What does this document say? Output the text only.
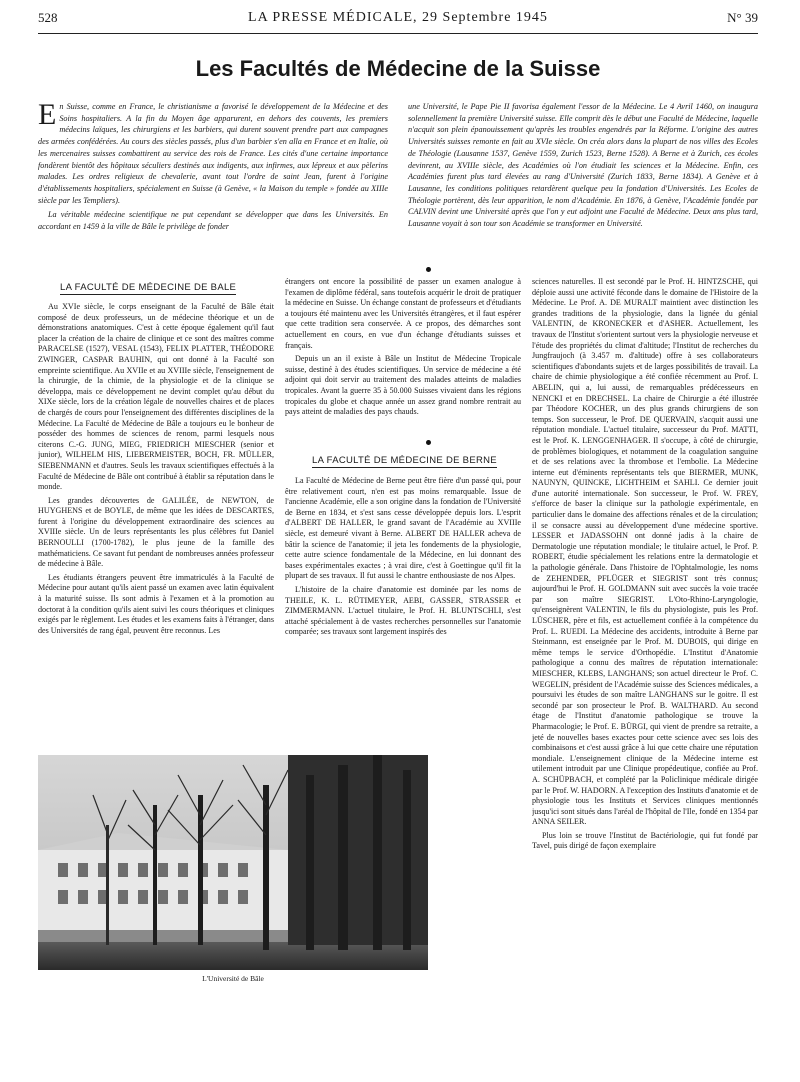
528	LA PRESSE MÉDICALE, 29 Septembre 1945	N° 39
Les Facultés de Médecine de la Suisse

En Suisse, comme en France, le christianisme a favorisé le développement de la Médecine et des Soins hospitaliers. A la fin du Moyen âge apparurent, en dehors des couvents, les premiers médecins laïques, les chirurgiens et les barbiers, qui durent souvent prendre part aux campagnes des armées confédérées. Au cours des siècles passés, plus d'un barbier s'en alla en France et en Italie, où les mercenaires suisses combattirent au service des rois de France. Les cités d'une certaine importance fondèrent bientôt des hôpitaux séculiers destinés aux indigents, aux infirmes, aux lépreux et aux pèlerins malades. Les ordres religieux de chevalerie, avant tout l'ordre de saint Jean, furent à l'origine d'établissements hospitaliers, spécialement en Suisse (à Genève, « la Maison du temple » fondée au XIIIe siècle par les Templiers).

La véritable médecine scientifique ne put cependant se développer que dans les Universités. En accordant en 1459 à la ville de Bâle le privilège de fonder

une Université, le Pape Pie II favorisa également l'essor de la Médecine. Le 4 Avril 1460, on inaugura solennellement la première Université suisse. Elle comprit dès le début une Faculté de Médecine, laquelle n'acquit son plein épanouissement qu'après les troubles engendrés par la Réforme. L'origine des autres Universités suisses remonte en fait au XVIe siècle. On créa alors dans la plupart de nos villes des Ecoles de Théologie (Lausanne 1537, Genève 1559, Zurich 1523, Berne 1528). A Berne et à Zurich, ces écoles devinrent, au XVIIIe siècle, des Académies où l'on étudiait les sciences et la Médecine. Enfin, ces Académies furent plus tard élevées au rang d'Université (Zurich 1833, Berne 1834). A Genève et à Lausanne, les conditions politiques retardèrent quelque peu la fondation d'Universités. Les Ecoles de Théologie portèrent, dès leur apparition, le nom d'Académie. En 1876, à Genève, l'Académie fondée par CALVIN devint une Université après que l'on y eut adjoint une Faculté de Médecine. Deux ans plus tard, Lausanne voyait à son tour son Académie se transformer en Université.

LA FACULTÉ DE MÉDECINE DE BALE

Au XVIe siècle, le corps enseignant de la Faculté de Bâle était composé de deux professeurs, un de médecine théorique et un de démonstrations anatomiques. C'est à cette époque également qu'il faut placer la création de la chaire de clinique et ce sont des maîtres comme PARACELSE (1527), VESAL (1543), FELIX PLATTER, THÉODORE ZWINGER, CASPAR BAUHIN, qui ont donné à la Faculté son empreinte scientifique. Au XVIIe et au XVIIIe siècle, l'enseignement de la chirurgie, de la chimie, de la physiologie et de la clinique se développa, mais ce développement ne devint complet qu'au début du XIXe siècle, lors de la création légale de nouvelles chaires et de places de chargés de cours pour l'enseignement des différentes disciplines de la Médecine. La Faculté de Médecine de Bâle a toujours eu le bonheur de posséder des hommes de sciences de renom, parmi lesquels nous citerons C.-G. JUNG, MIEG, FRIEDRICH MIESCHER (senior et junior), WILHELM HIS, LIEBERMEISTER, BOCH, FR. MÜLLER, SIEBENMANN et d'autres. Seuls les travaux scientifiques effectués à la Faculté de Médecine de Bâle ont contribué à établir sa réputation dans le monde.

Les grandes découvertes de GALILÉE, de NEWTON, de HUYGHENS et de BOYLE, de même que les idées de DESCARTES, furent à l'origine du développement extraordinaire des sciences au XVIIIe siècle. Un de leurs représentants les plus célèbres fut Daniel BERNOULLI (1700-1782), le plus jeune de la famille des mathématiciens. Ce savant fut pendant de nombreuses années professeur de médecine à Bâle.

Les étudiants étrangers peuvent être immatriculés à la Faculté de Médecine pour autant qu'ils aient passé un examen avec latin équivalent à la maturité suisse. Ils sont admis à l'examen et à la promotion au doctorat à la condition qu'ils aient suivi les cours théoriques et cliniques exigés par le règlement. Les études et les examens faits à l'étranger, dans des Universités de rang égal, peuvent être reconnus. Les

étrangers ont encore la possibilité de passer un examen analogue à l'examen de diplôme fédéral, sans toutefois acquérir le droit de pratiquer la médecine en Suisse. Un échange constant de professeurs et d'étudiants a toujours été maintenu avec les Universités étrangères, et il faut espérer que cette tradition sera conservée. A ce propos, des démarches sont actuellement en cours, en vue d'un échange d'étudiants suisses et français.

Depuis un an il existe à Bâle un Institut de Médecine Tropicale suisse, destiné à des études scientifiques. Un service de médecine a été adjoint qui doit servir au traitement des malades atteints de maladies tropicales. Avant la guerre 35 à 50.000 Suisses vivaient dans les régions tropicales du globe et chaque année un assez grand nombre rentrait au pays atteint de maladies des pays chauds.

LA FACULTÉ DE MÉDECINE DE BERNE

La Faculté de Médecine de Berne peut être fière d'un passé qui, pour être relativement court, n'en est pas moins remarquable. Issue de l'ancienne Académie, elle a son origine dans la fondation de l'Université de Berne en 1834, et s'est sans cesse développée depuis lors. L'esprit d'ALBERT DE HALLER, le grand savant de l'Académie au XVIIIe siècle, est demeuré vivant à Berne. ALBERT DE HALLER acheva de bâtir la science de l'anatomie; il jeta les fondements de la physiologie, cette autre science fondamentale de la Médecine, en lui donnant des bases expérimentales exactes ; à vrai dire, c'est à Goettingue qu'il fit la plupart de ses travaux. Il fut aussi le chantre enthousiaste de nos Alpes.

L'histoire de la chaire d'anatomie est dominée par les noms de THEILE, K. L. RÜTIMEYER, AEBI, GASSER, STRASSER et ZIMMERMANN. L'actuel titulaire, le Prof. H. BLUNTSCHLI, s'est attaché spécialement à de vastes recherches personnelles sur l'anatomie comparée; ses travaux sont largement inspirés des

sciences naturelles. Il est secondé par le Prof. H. HINTZSCHE, qui déploie aussi une activité féconde dans le domaine de l'Histoire de la Médecine. Le Prof. A. DE MURALT maintient avec distinction les grandes traditions de la physiologie, dans la lignée du génial VALENTIN, de KRONECKER et d'ASHER. Actuellement, les travaux de l'Institut s'orientent surtout vers la physiologie nerveuse et l'étude des propriétés du climat d'altitude; l'Institut de recherches du Jungfraujoch (à 3.457 m. d'altitude) offre à ses collaborateurs scientifiques d'abondants sujets et de larges possibilités de travail. La chaire de chimie physiologique a été confiée récemment au Prof. I. ABELIN, qui a, lui aussi, de remarquables prédécesseurs en NENCKI et en DRECHSEL. La chaire de Chirurgie a été illustrée par Théodore KOCHER, un des plus grands chirurgiens de son temps. Son successeur, le Prof. DE QUERVAIN, s'acquit aussi une réputation mondiale. L'actuel titulaire, successeur du Prof. MATTI, est le Prof. K. LENGGENHAGER. Il s'occupe, à côté de chirurgie, de problèmes biologiques, et notamment de la coagulation sanguine et de ses relations avec la thrombose et l'embolie. La Médecine interne eut d'éminents représentants tels que BIERMER, MUNK, NAUNYN, QUINCKE, LICHTHEIM et SAHLI. Ce dernier jouit d'une autorité internationale. Son successeur, le Prof. W. FREY, s'efforce de baser la clinique sur la pathologie expérimentale, en particulier dans le domaine des affections rénales et de la circulation; il se consacre aussi au développement d'une médecine sportive. LESSER et JADASSOHN ont donné jadis à la chaire de Dermatologie une réputation mondiale; le titulaire actuel, le Prof. P. ROBERT, étudie spécialement les relations entre la dermatologie et la pathologie générale. Dans l'histoire de l'Ophtalmologie, les noms de ZEHENDER, PFLÜGER et SIEGRIST sont très connus; aujourd'hui le Prof. H. GOLDMANN suit avec succès la voie tracée par son maître SIEGRIST. L'Oto-Rhino-Laryngologie, qu'enseignèrent VALENTIN, le fils du physiologiste, puis les Prof. LÜSCHER, père et fils, est actuellement confiée à la compétence du Prof. L. RUEDI. La Médecine des accidents, introduite à Berne par Steinmann, est enseignée par le Prof. M. DUBOIS, qui dirige en même temps le service d'Orthopédie. L'Institut d'Anatomie pathologique a connu des maîtres de réputation internationale: MIESCHER, KLEBS, LANGHANS; son actuel directeur le Prof. C. WEGELIN, président de l'Académie suisse des Sciences médicales, a poursuivi les études de son maître LANGHANS sur le goitre. Il est secondé par son prosecteur le Prof. B. WALTHARD. Au second étage de l'Institut d'anatomie pathologique se trouve la Pharmacologie; le Prof. E. BÜRGI, qui vient de prendre sa retraite, a jeté de nouvelles bases exactes pour cette science avec ses lois des combinaisons et c'est aussi grâce à lui que cette chaire une réputation mondiale. L'enseignement clinique de la Médecine interne est utilement introduit par une Clinique propédeutique, confiée au Prof. A. SCHÜPBACH, et complété par la Policlinique médicale dirigée par le Prof. W. HADORN. A l'exception des Instituts d'anatomie et de physiologie tous les Instituts et Services cliniques mentionnés jusqu'ici sont situés dans l'aréal de l'hôpital de l'Ile, fondé en 1354 par ANNA SEILER.

Plus loin se trouve l'Institut de Bactériologie, qui fut fondé par Tavel, puis dirigé de façon exemplaire

L'Université de Bâle
